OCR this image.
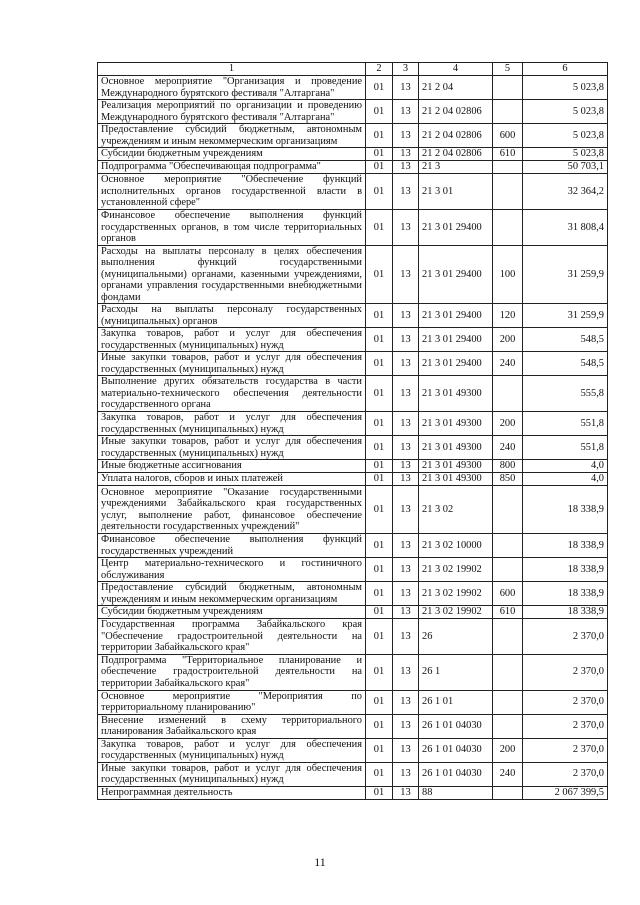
1	2	3	4	5	6
Основное мероприятие "Организация и проведение Международного бурятского фестиваля "Алтаргана"	01	13	21 2 04		5 023,8
Реализация мероприятий по организации и проведению Международного бурятского фестиваля "Алтаргана"	01	13	21 2 04 02806		5 023,8
Предоставление субсидий бюджетным, автономным учреждениям и иным некоммерческим организациям	01	13	21 2 04 02806	600	5 023,8
Субсидии бюджетным учреждениям	01	13	21 2 04 02806	610	5 023,8
Подпрограмма "Обеспечивающая подпрограмма"	01	13	21 3		50 703,1
Основное мероприятие "Обеспечение функций исполнительных органов государственной власти в установленной сфере"	01	13	21 3 01		32 364,2
Финансовое обеспечение выполнения функций государственных органов, в том числе территориальных органов	01	13	21 3 01 29400		31 808,4
Расходы на выплаты персоналу в целях обеспечения выполнения функций государственными (муниципальными) органами, казенными учреждениями, органами управления государственными внебюджетными фондами	01	13	21 3 01 29400	100	31 259,9
Расходы на выплаты персоналу государственных (муниципальных) органов	01	13	21 3 01 29400	120	31 259,9
Закупка товаров, работ и услуг для обеспечения государственных (муниципальных) нужд	01	13	21 3 01 29400	200	548,5
Иные закупки товаров, работ и услуг для обеспечения государственных (муниципальных) нужд	01	13	21 3 01 29400	240	548,5
Выполнение других обязательств государства в части материально-технического обеспечения деятельности государственного органа	01	13	21 3 01 49300		555,8
Закупка товаров, работ и услуг для обеспечения государственных (муниципальных) нужд	01	13	21 3 01 49300	200	551,8
Иные закупки товаров, работ и услуг для обеспечения государственных (муниципальных) нужд	01	13	21 3 01 49300	240	551,8
Иные бюджетные ассигнования	01	13	21 3 01 49300	800	4,0
Уплата налогов, сборов и иных платежей	01	13	21 3 01 49300	850	4,0
Основное мероприятие "Оказание государственными учреждениями Забайкальского края государственных услуг, выполнение работ, финансовое обеспечение деятельности государственных учреждений"	01	13	21 3 02		18 338,9
Финансовое обеспечение выполнения функций государственных учреждений	01	13	21 3 02 10000		18 338,9
Центр материально-технического и гостиничного обслуживания	01	13	21 3 02 19902		18 338,9
Предоставление субсидий бюджетным, автономным учреждениям и иным некоммерческим организациям	01	13	21 3 02 19902	600	18 338,9
Субсидии бюджетным учреждениям	01	13	21 3 02 19902	610	18 338,9
Государственная программа Забайкальского края "Обеспечение градостроительной деятельности на территории Забайкальского края"	01	13	26		2 370,0
Подпрограмма "Территориальное планирование и обеспечение градостроительной деятельности на территории Забайкальского края"	01	13	26 1		2 370,0
Основное мероприятие "Мероприятия по территориальному планированию"	01	13	26 1 01		2 370,0
Внесение изменений в схему территориального планирования Забайкальского края	01	13	26 1 01 04030		2 370,0
Закупка товаров, работ и услуг для обеспечения государственных (муниципальных) нужд	01	13	26 1 01 04030	200	2 370,0
Иные закупки товаров, работ и услуг для обеспечения государственных (муниципальных) нужд	01	13	26 1 01 04030	240	2 370,0
Непрограммная деятельность	01	13	88		2 067 399,5
11
